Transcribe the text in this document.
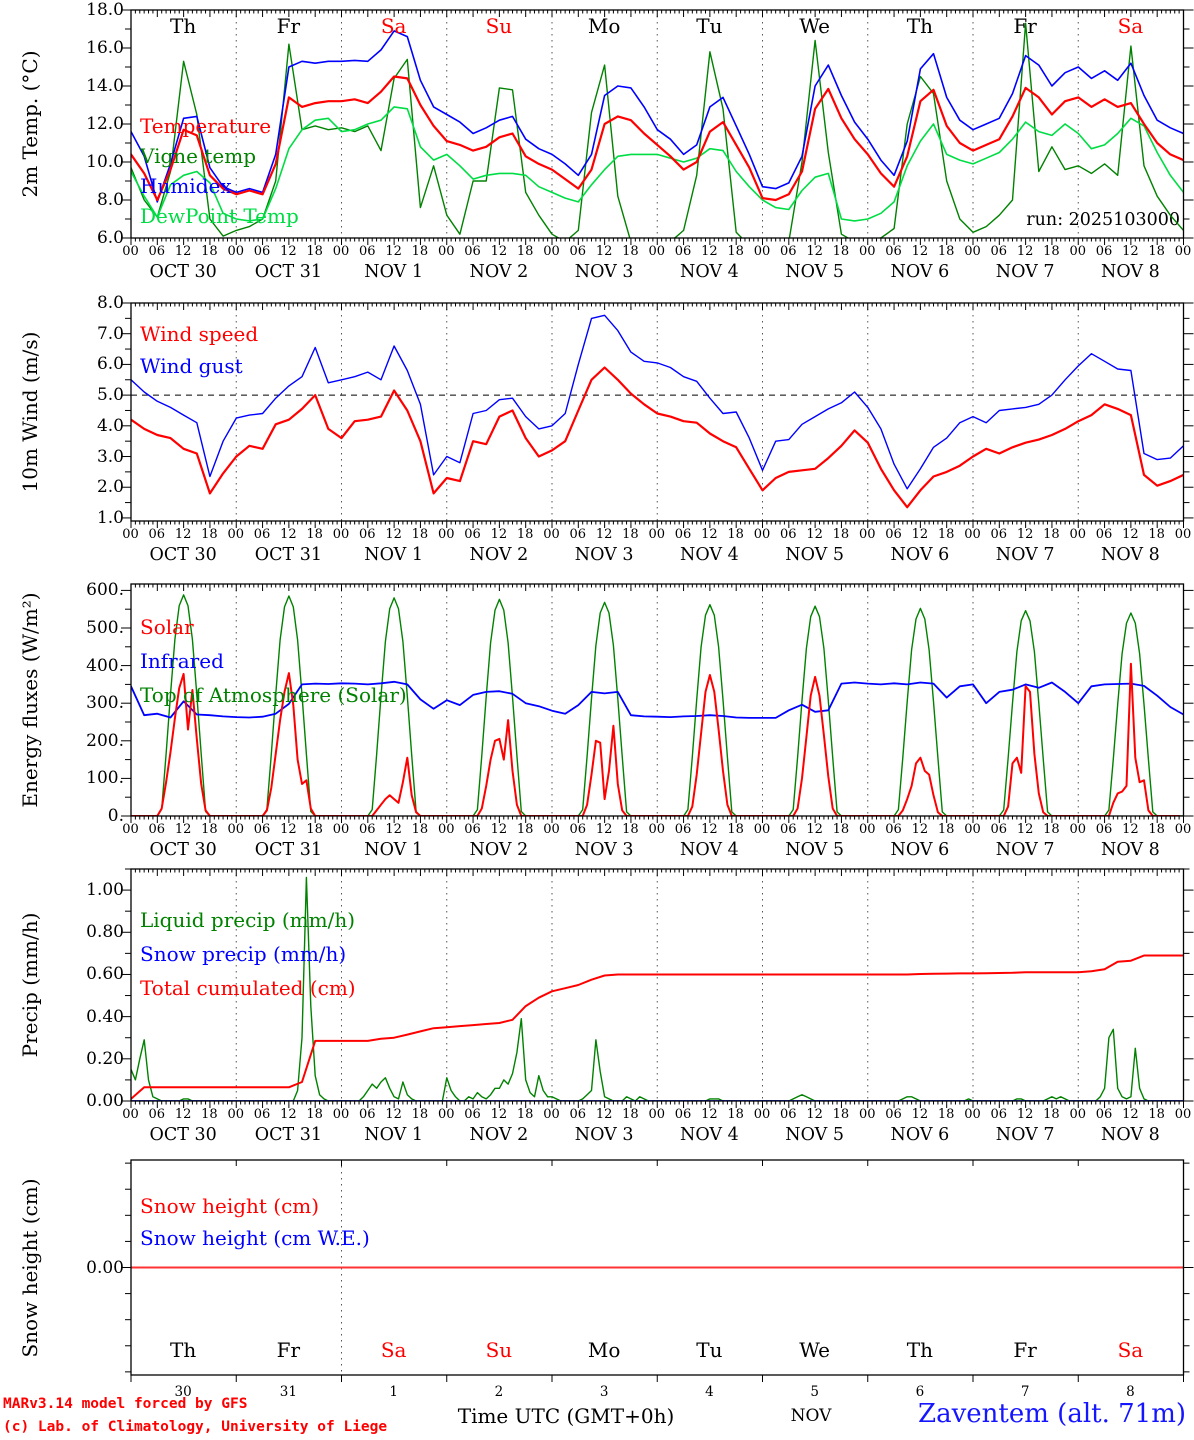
run: 2025103000
MARv3.14 model forced by GFS
(c) Lab. of Climatology, University of Liege	Time UTC (GMT+0h)	NOV	Zaventem (alt. 71m)
18.0
16.0
14.0
12.0
10.0
8.0
6.0
2m Temp. (°C)	Temperature
Vigne temp
Humidex
DewPoint Temp
00 06 12 18
OCT 30
00 06 12 18
OCT 31
00 06 12 18
NOV 1
00 06 12 18
NOV 2
00 06 12 18
NOV 3
00 06 12 18
NOV 4
00 06 12 18
NOV 5
00 06 12 18
NOV 6
00 06 12 18
NOV 7
00 06 12 18
NOV 8
00
8.0
7.0
6.0
5.0
4.0
3.0
2.0
1.0
10m Wind (m/s)	Wind speed
Wind gust
00 06 12 18
OCT 30
00 06 12 18
OCT 31
00 06 12 18
NOV 1
00 06 12 18
NOV 2
00 06 12 18
NOV 3
00 06 12 18
NOV 4
00 06 12 18
NOV 5
00 06 12 18
NOV 6
00 06 12 18
NOV 7
00 06 12 18
NOV 8
00
600.
500.
400.
300.
200.
100.
0.
Energy fluxes (W/m²)	Solar
Infrared
Top of Atmosphere (Solar)
00 06 12 18
OCT 30
00 06 12 18
OCT 31
00 06 12 18
NOV 1
00 06 12 18
NOV 2
00 06 12 18
NOV 3
00 06 12 18
NOV 4
00 06 12 18
NOV 5
00 06 12 18
NOV 6
00 06 12 18
NOV 7
00 06 12 18
NOV 8
00
1.00
0.80
0.60
0.40
0.20
0.00
Precip (mm/h)	Liquid precip (mm/h)
Snow precip (mm/h)
Total cumulated (cm)
00 06 12 18
OCT 30
00 06 12 18
OCT 31
00 06 12 18
NOV 1
00 06 12 18
NOV 2
00 06 12 18
NOV 3
00 06 12 18
NOV 4
00 06 12 18
NOV 5
00 06 12 18
NOV 6
00 06 12 18
NOV 7
00 06 12 18
NOV 8
00
0.00
Snow height (cm)	Snow height (cm)
Snow height (cm W.E.)
Th
Th
Fr
Fr
Sa
Sa
Su
Su
Mo
Mo
Tu
Tu
We
We
Th
Th
Fr
Fr
Sa
Sa
30	31	1	2	3	4	5	6	7	8
